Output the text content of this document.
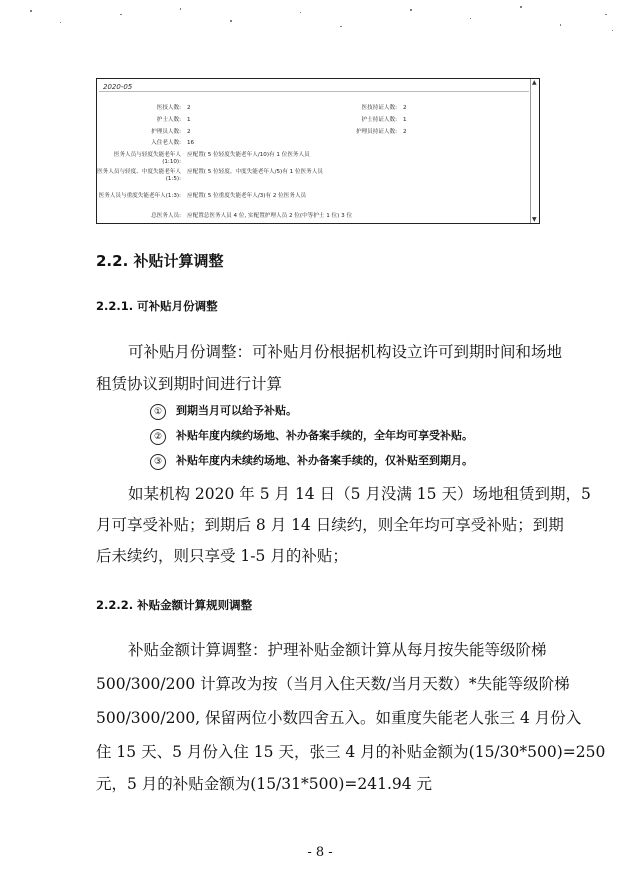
2020-05
▲
▼
医技人数: 2	医技持证人数: 2
护士人数: 1	护士持证人数: 1
护理员人数: 2	护理员持证人数: 2
入住老人数: 16
医务人员与轻度失能老年人(1:10):
应配置( 5 位轻度失能老年人/10)有 1 位医务人员
医务人员与轻度、中度失能老年人(1:5):
应配置( 5 位轻度、中度失能老年人/5)有 1 位医务人员
医务人员与重度失能老年人(1:3): 应配置( 5 位重度失能老年人/3)有 2 位医务人员
总医务人员: 应配置总医务人员 4 位, 实配置护理人员 2 位(中等护士 1 位) 3 位
2.2. 补贴计算调整
2.2.1. 可补贴月份调整
可补贴月份调整：可补贴月份根据机构设立许可到期时间和场地
租赁协议到期时间进行计算
① 到期当月可以给予补贴。
② 补贴年度内续约场地、补办备案手续的，全年均可享受补贴。
③ 补贴年度内未续约场地、补办备案手续的，仅补贴至到期月。
如某机构 2020 年 5 月 14 日（5 月没满 15 天）场地租赁到期，5
月可享受补贴；到期后 8 月 14 日续约，则全年均可享受补贴；到期
后未续约，则只享受 1-5 月的补贴；
2.2.2. 补贴金额计算规则调整
补贴金额计算调整：护理补贴金额计算从每月按失能等级阶梯
500/300/200 计算改为按（当月入住天数/当月天数）*失能等级阶梯
500/300/200, 保留两位小数四舍五入。如重度失能老人张三 4 月份入
住 15 天、5 月份入住 15 天，张三 4 月的补贴金额为(15/30*500)=250
元，5 月的补贴金额为(15/31*500)=241.94 元
- 8 -
